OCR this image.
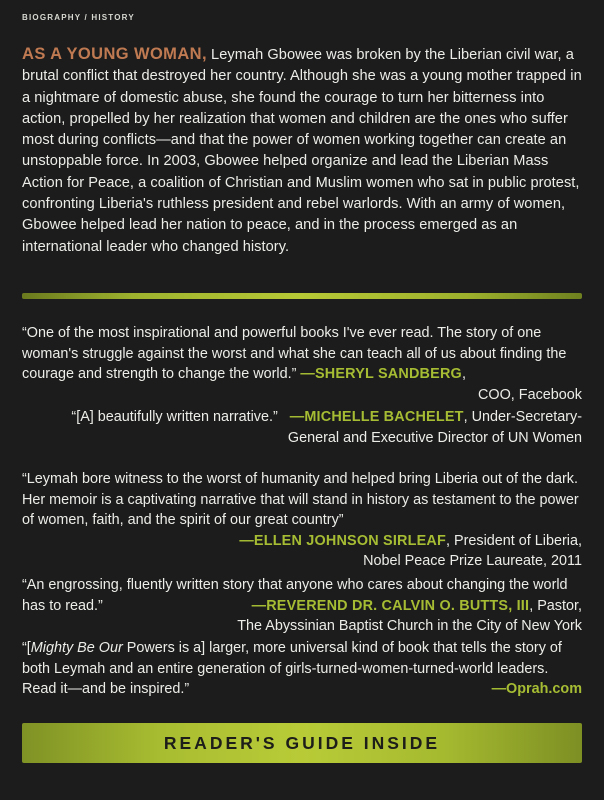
BIOGRAPHY / HISTORY
AS A YOUNG WOMAN, Leymah Gbowee was broken by the Liberian civil war, a brutal conflict that destroyed her country. Although she was a young mother trapped in a nightmare of domestic abuse, she found the courage to turn her bitterness into action, propelled by her realization that women and children are the ones who suffer most during conflicts—and that the power of women working together can create an unstoppable force. In 2003, Gbowee helped organize and lead the Liberian Mass Action for Peace, a coalition of Christian and Muslim women who sat in public protest, confronting Liberia's ruthless president and rebel warlords. With an army of women, Gbowee helped lead her nation to peace, and in the process emerged as an international leader who changed history.
“One of the most inspirational and powerful books I've ever read. The story of one woman's struggle against the worst and what she can teach all of us about finding the courage and strength to change the world.” —SHERYL SANDBERG,
COO, Facebook
“[A] beautifully written narrative.”   —MICHELLE BACHELET, Under-Secretary-
General and Executive Director of UN Women
“Leymah bore witness to the worst of humanity and helped bring Liberia out of the dark. Her memoir is a captivating narrative that will stand in history as testament to the power of women, faith, and the spirit of our great country”
—ELLEN JOHNSON SIRLEAF, President of Liberia,
Nobel Peace Prize Laureate, 2011
“An engrossing, fluently written story that anyone who cares about changing the world has to read.”	—REVEREND DR. CALVIN O. BUTTS, III, Pastor,
The Abyssinian Baptist Church in the City of New York
“[Mighty Be Our Powers is a] larger, more universal kind of book that tells the story of both Leymah and an entire generation of girls-turned-women-turned-world leaders. Read it—and be inspired.”	—Oprah.com
READER'S GUIDE INSIDE
